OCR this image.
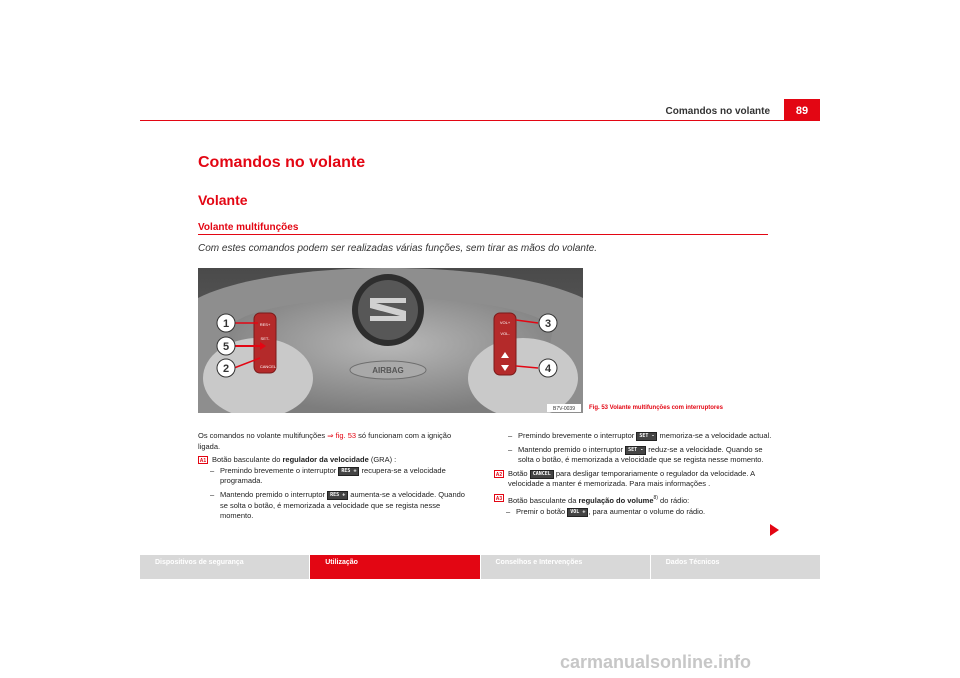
Comandos no volante	89
Comandos no volante
Volante
Volante multifunções
Com estes comandos podem ser realizadas várias funções, sem tirar as mãos do volante.
AIRBAG
RES+
SET-
CANCEL
VOL+
VOL-
1
5
2
3
4
B7V-0039 Fig. 53 Volante multifunções com interruptores

Os comandos no volante multifunções ⇒ fig. 53 só funcionam com a ignição ligada.

A1 Botão basculante do regulador da velocidade (GRA) :
– Premindo brevemente o interruptor RES + recupera-se a velocidade programada.
– Mantendo premido o interruptor RES + aumenta-se a velocidade. Quando se solta o botão, é memorizada a velocidade que se regista nesse momento.
– Premindo brevemente o interruptor SET - memoriza-se a velocidade actual.
– Mantendo premido o interruptor SET - reduz-se a velocidade. Quando se solta o botão, é memorizada a velocidade que se regista nesse momento.
A2 Botão CANCEL para desligar temporariamente o regulador da velocidade. A velocidade a manter é memorizada. Para mais informações .
A3 Botão basculante da regulação do volume$^{8)}$ do rádio:
– Premir o botão VOL + , para aumentar o volume do rádio.
Dispositivos de segurança	Utilização	Conselhos e Intervenções	Dados Técnicos
carmanualsonline.info
